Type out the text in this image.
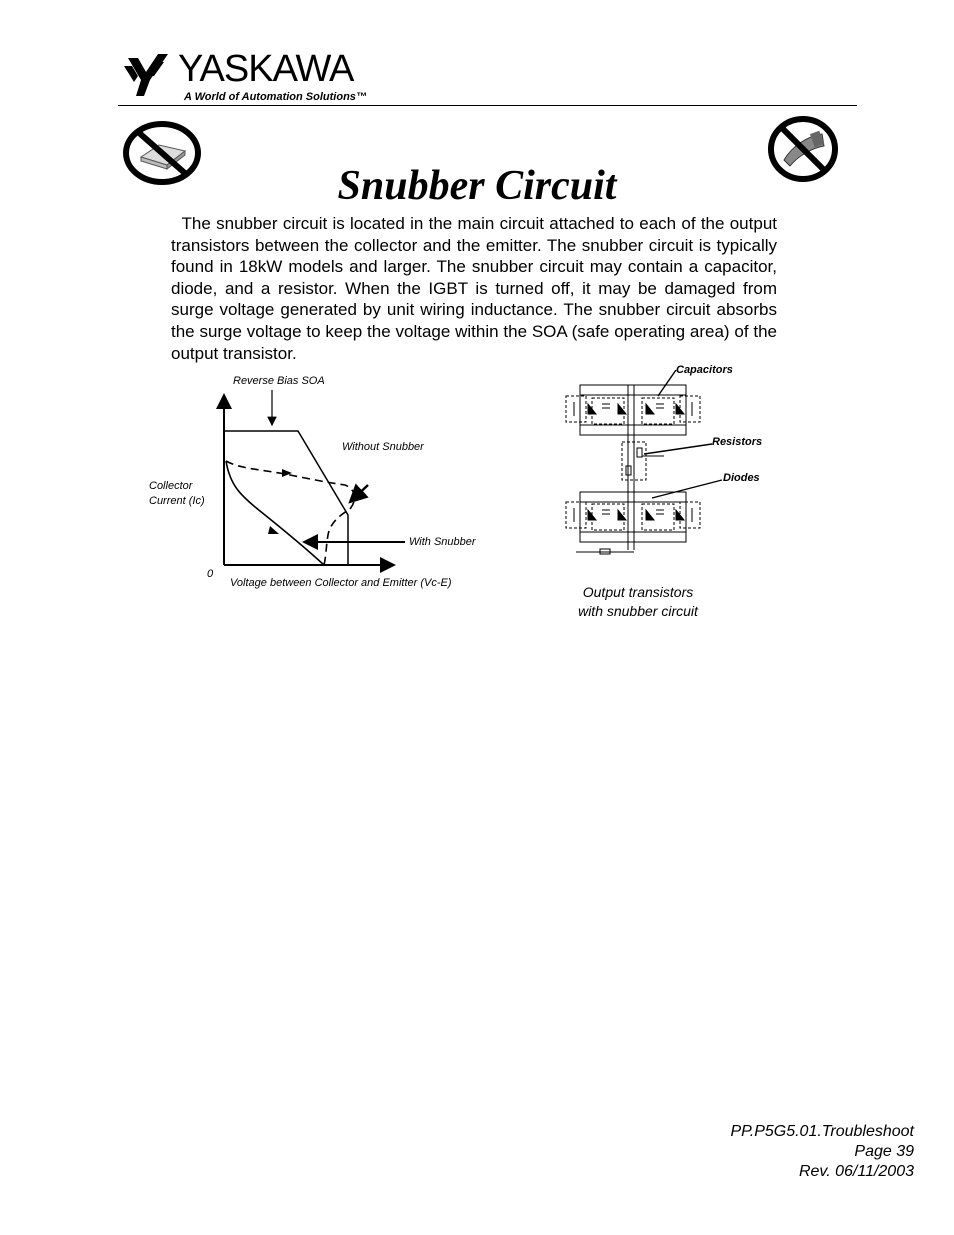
YASKAWA
A World of Automation Solutions™
Snubber Circuit
The snubber circuit is located in the main circuit attached to each of the output transistors between the collector and the emitter. The snubber circuit is typically found in 18kW models and larger. The snubber circuit may contain a capacitor, diode, and a resistor. When the IGBT is turned off, it may be damaged from surge voltage generated by unit wiring inductance. The snubber circuit absorbs the surge voltage to keep the voltage within the SOA (safe operating area) of the output transistor.
Reverse Bias SOA
Without Snubber
With Snubber
Collector
Current (Ic)
0
Voltage between Collector and Emitter (Vc-E)
Capacitors
Resistors
Diodes
Output transistors
with snubber circuit
PP.P5G5.01.Troubleshoot
Page 39
Rev. 06/11/2003
